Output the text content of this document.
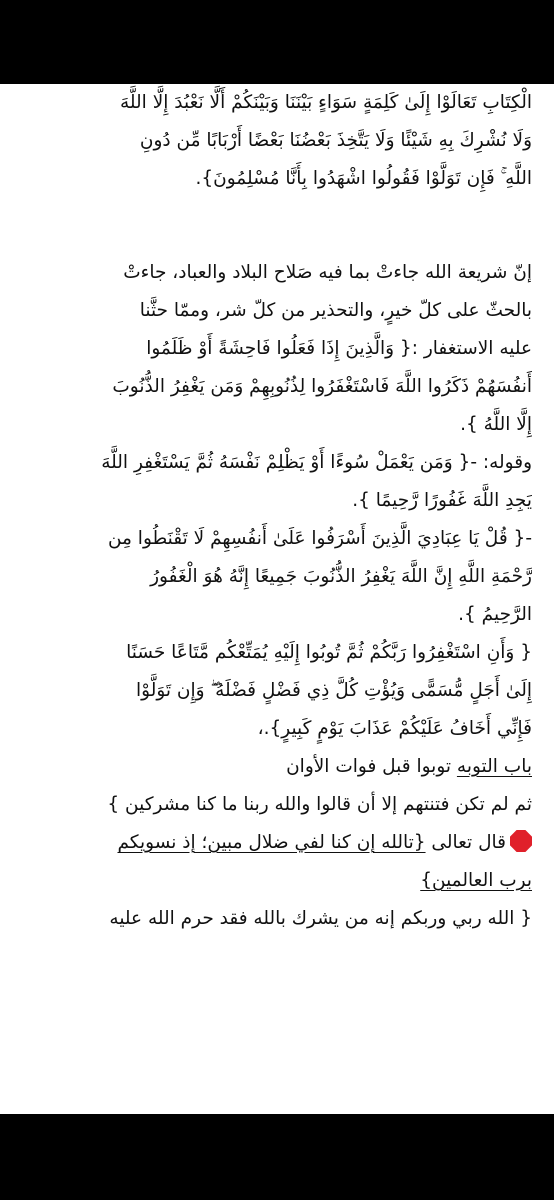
الْكِتَابِ تَعَالَوْا إِلَىٰ كَلِمَةٍ سَوَاءٍ بَيْنَنَا وَبَيْنَكُمْ أَلَّا نَعْبُدَ إِلَّا اللَّهَ
وَلَا نُشْرِكَ بِهِ شَيْئًا وَلَا يَتَّخِذَ بَعْضُنَا بَعْضًا أَرْبَابًا مِّن دُونِ
اللَّهِ ۚ فَإِن تَوَلَّوْا فَقُولُوا اشْهَدُوا بِأَنَّا مُسْلِمُونَ}.
إنّ شريعة الله جاءتْ بما فيه صَلاح البلاد والعباد، جاءتْ
بالحثّ على كلّ خيرٍ، والتحذير من كلّ شر، وممّا حثَّنا
عليه الاستغفار :{ وَالَّذِينَ إِذَا فَعَلُوا فَاحِشَةً أَوْ ظَلَمُوا
أَنفُسَهُمْ ذَكَرُوا اللَّهَ فَاسْتَغْفَرُوا لِذُنُوبِهِمْ وَمَن يَغْفِرُ الذُّنُوبَ
إِلَّا اللَّهُ }.
وقوله: -{ وَمَن يَعْمَلْ سُوءًا أَوْ يَظْلِمْ نَفْسَهُ ثُمَّ يَسْتَغْفِرِ اللَّهَ
يَجِدِ اللَّهَ غَفُورًا رَّحِيمًا }.
-{ قُلْ يَا عِبَادِيَ الَّذِينَ أَسْرَفُوا عَلَىٰ أَنفُسِهِمْ لَا تَقْنَطُوا مِن
رَّحْمَةِ اللَّهِ إِنَّ اللَّهَ يَغْفِرُ الذُّنُوبَ جَمِيعًا إِنَّهُ هُوَ الْغَفُورُ
الرَّحِيمُ }.
{ وَأَنِ اسْتَغْفِرُوا رَبَّكُمْ ثُمَّ تُوبُوا إِلَيْهِ يُمَتِّعْكُم مَّتَاعًا حَسَنًا
إِلَىٰ أَجَلٍ مُّسَمًّى وَيُؤْتِ كُلَّ ذِي فَضْلٍ فَضْلَهُ ۖ وَإِن تَوَلَّوْا
فَإِنِّي أَخَافُ عَلَيْكُمْ عَذَابَ يَوْمٍ كَبِيرٍ}.،
باب التوبه توبوا قبل فوات الأوان
ثم لم تكن فتنتهم إلا أن قالوا والله ربنا ما كنا مشركين }
قال تعالى {تالله إن كنا لفي ضلال مبين؛ إذ نسويكم
برب العالمين}
{ الله ربي وربكم إنه من يشرك بالله فقد حرم الله عليه
